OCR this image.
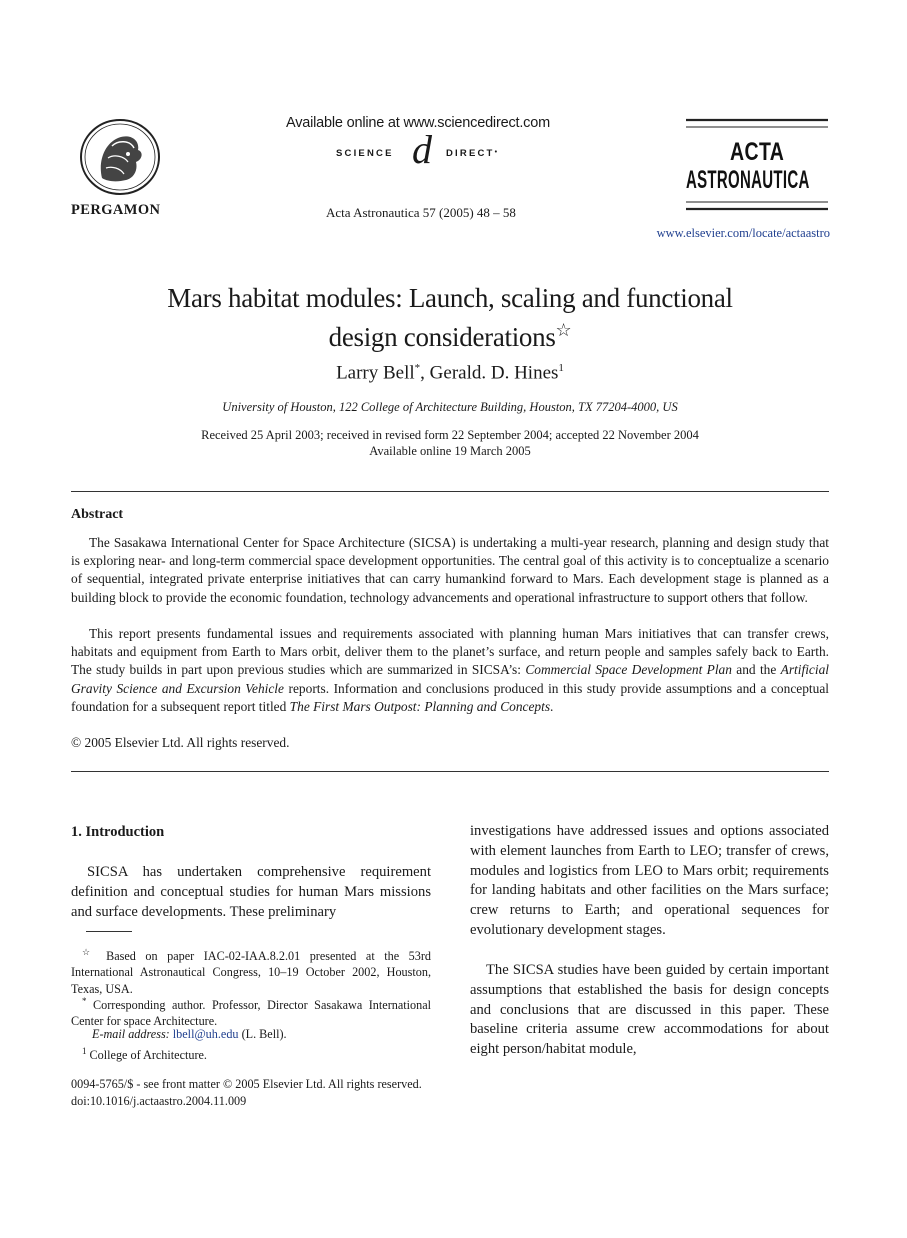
PERGAMON
Available online at www.sciencedirect.com
SCIENCE d DIRECT•
Acta Astronautica 57 (2005) 48 – 58
ACTA
ASTRONAUTICA
www.elsevier.com/locate/actaastro
Mars habitat modules: Launch, scaling and functional
design considerations☆
Larry Bell*, Gerald. D. Hines$^1$
University of Houston, 122 College of Architecture Building, Houston, TX 77204-4000, US
Received 25 April 2003; received in revised form 22 September 2004; accepted 22 November 2004
Available online 19 March 2005
Abstract
The Sasakawa International Center for Space Architecture (SICSA) is undertaking a multi-year research, planning and design study that is exploring near- and long-term commercial space development opportunities. The central goal of this activity is to conceptualize a scenario of sequential, integrated private enterprise initiatives that can carry humankind forward to Mars. Each development stage is planned as a building block to provide the economic foundation, technology advancements and operational infrastructure to support others that follow.
This report presents fundamental issues and requirements associated with planning human Mars initiatives that can transfer crews, habitats and equipment from Earth to Mars orbit, deliver them to the planet’s surface, and return people and samples safely back to Earth. The study builds in part upon previous studies which are summarized in SICSA’s: Commercial Space Development Plan and the Artificial Gravity Science and Excursion Vehicle reports. Information and conclusions produced in this study provide assumptions and a conceptual foundation for a subsequent report titled The First Mars Outpost: Planning and Concepts.
© 2005 Elsevier Ltd. All rights reserved.
1. Introduction
SICSA has undertaken comprehensive requirement definition and conceptual studies for human Mars missions and surface developments. These preliminary
investigations have addressed issues and options associated with element launches from Earth to LEO; transfer of crews, modules and logistics from LEO to Mars orbit; requirements for landing habitats and other facilities on the Mars surface; crew returns to Earth; and operational sequences for evolutionary development stages.
The SICSA studies have been guided by certain important assumptions that established the basis for design concepts and conclusions that are discussed in this paper. These baseline criteria assume crew accommodations for about eight person/habitat module,
☆ Based on paper IAC-02-IAA.8.2.01 presented at the 53rd International Astronautical Congress, 10–19 October 2002, Houston, Texas, USA.
* Corresponding author. Professor, Director Sasakawa International Center for space Architecture.
E-mail address: lbell@uh.edu (L. Bell).
$^1$ College of Architecture.
0094-5765/$ - see front matter © 2005 Elsevier Ltd. All rights reserved.
doi:10.1016/j.actaastro.2004.11.009
